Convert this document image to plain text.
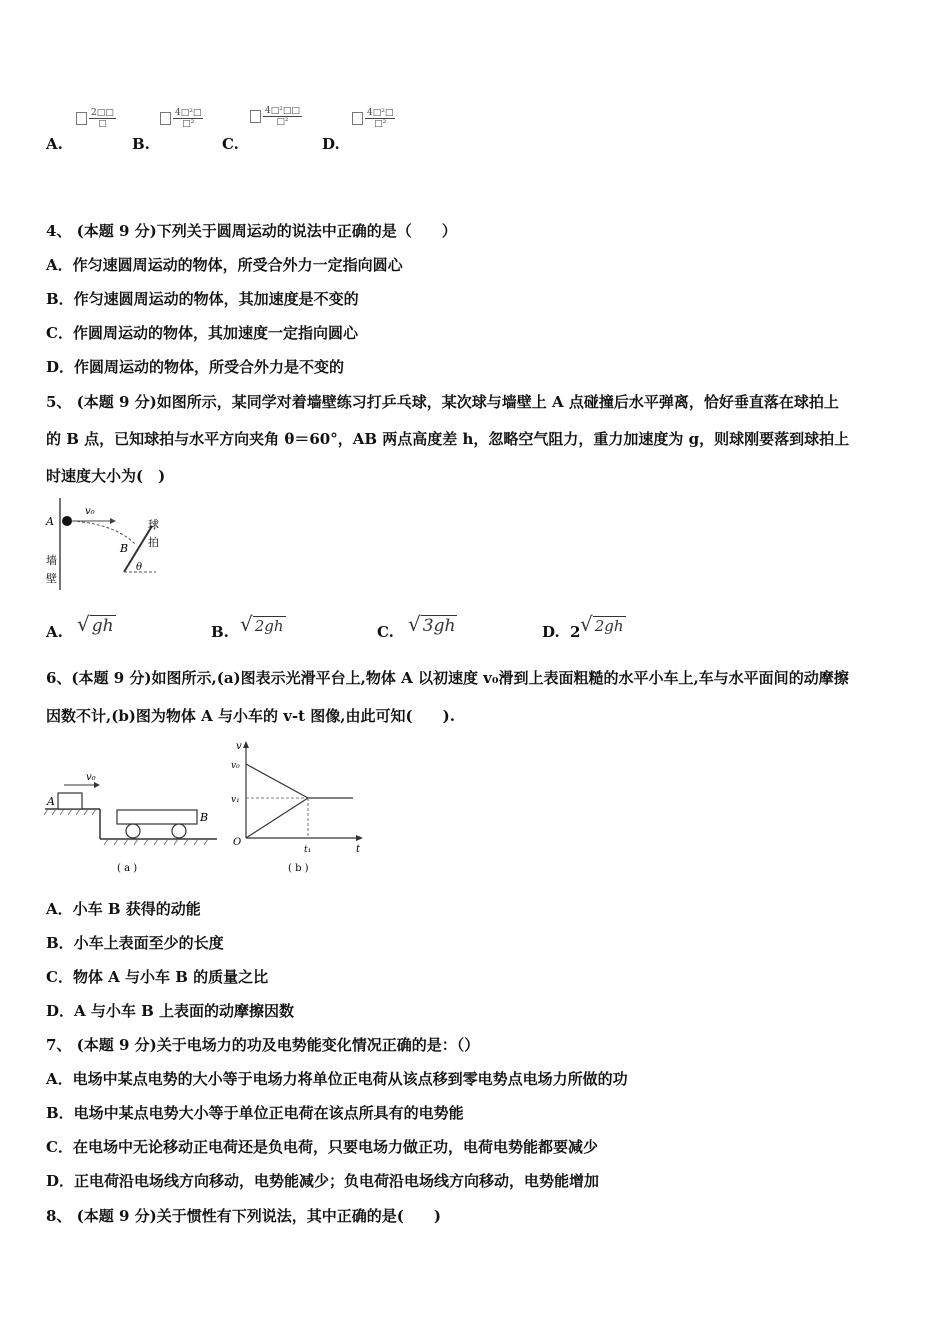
A.
2□□
□
B.
4□²□
□²
C.
4□²□□
□²
D.
4□²□
□²
4、 (本题 9 分)下列关于圆周运动的说法中正确的是（　　）
A．作匀速圆周运动的物体，所受合外力一定指向圆心
B．作匀速圆周运动的物体，其加速度是不变的
C．作圆周运动的物体，其加速度一定指向圆心
D．作圆周运动的物体，所受合外力是不变的
5、 (本题 9 分)如图所示，某同学对着墙壁练习打乒乓球，某次球与墙壁上 A 点碰撞后水平弹离，恰好垂直落在球拍上
的 B 点，已知球拍与水平方向夹角 θ＝60°，AB 两点高度差 h，忽略空气阻力，重力加速度为 g，则球刚要落到球拍上
时速度大小为(　)
A
v₀
B
θ
墙
壁
球
拍
A. √ gh	B. √ 2gh	C. √ 3gh	D. 2 √ 2gh
6、(本题 9 分)如图所示,(a)图表示光滑平台上,物体 A 以初速度 v₀滑到上表面粗糙的水平小车上,车与水平面间的动摩擦
因数不计,(b)图为物体 A 与小车的 v-t 图像,由此可知(　　).
v₀
A
B
( a )
v
v₀
v₁
O
t₁	t
( b )
A．小车 B 获得的动能
B．小车上表面至少的长度
C．物体 A 与小车 B 的质量之比
D．A 与小车 B 上表面的动摩擦因数
7、 (本题 9 分)关于电场力的功及电势能变化情况正确的是：（）
A．电场中某点电势的大小等于电场力将单位正电荷从该点移到零电势点电场力所做的功
B．电场中某点电势大小等于单位正电荷在该点所具有的电势能
C．在电场中无论移动正电荷还是负电荷，只要电场力做正功，电荷电势能都要减少
D．正电荷沿电场线方向移动，电势能减少；负电荷沿电场线方向移动，电势能增加
8、 (本题 9 分)关于惯性有下列说法，其中正确的是(　　)
